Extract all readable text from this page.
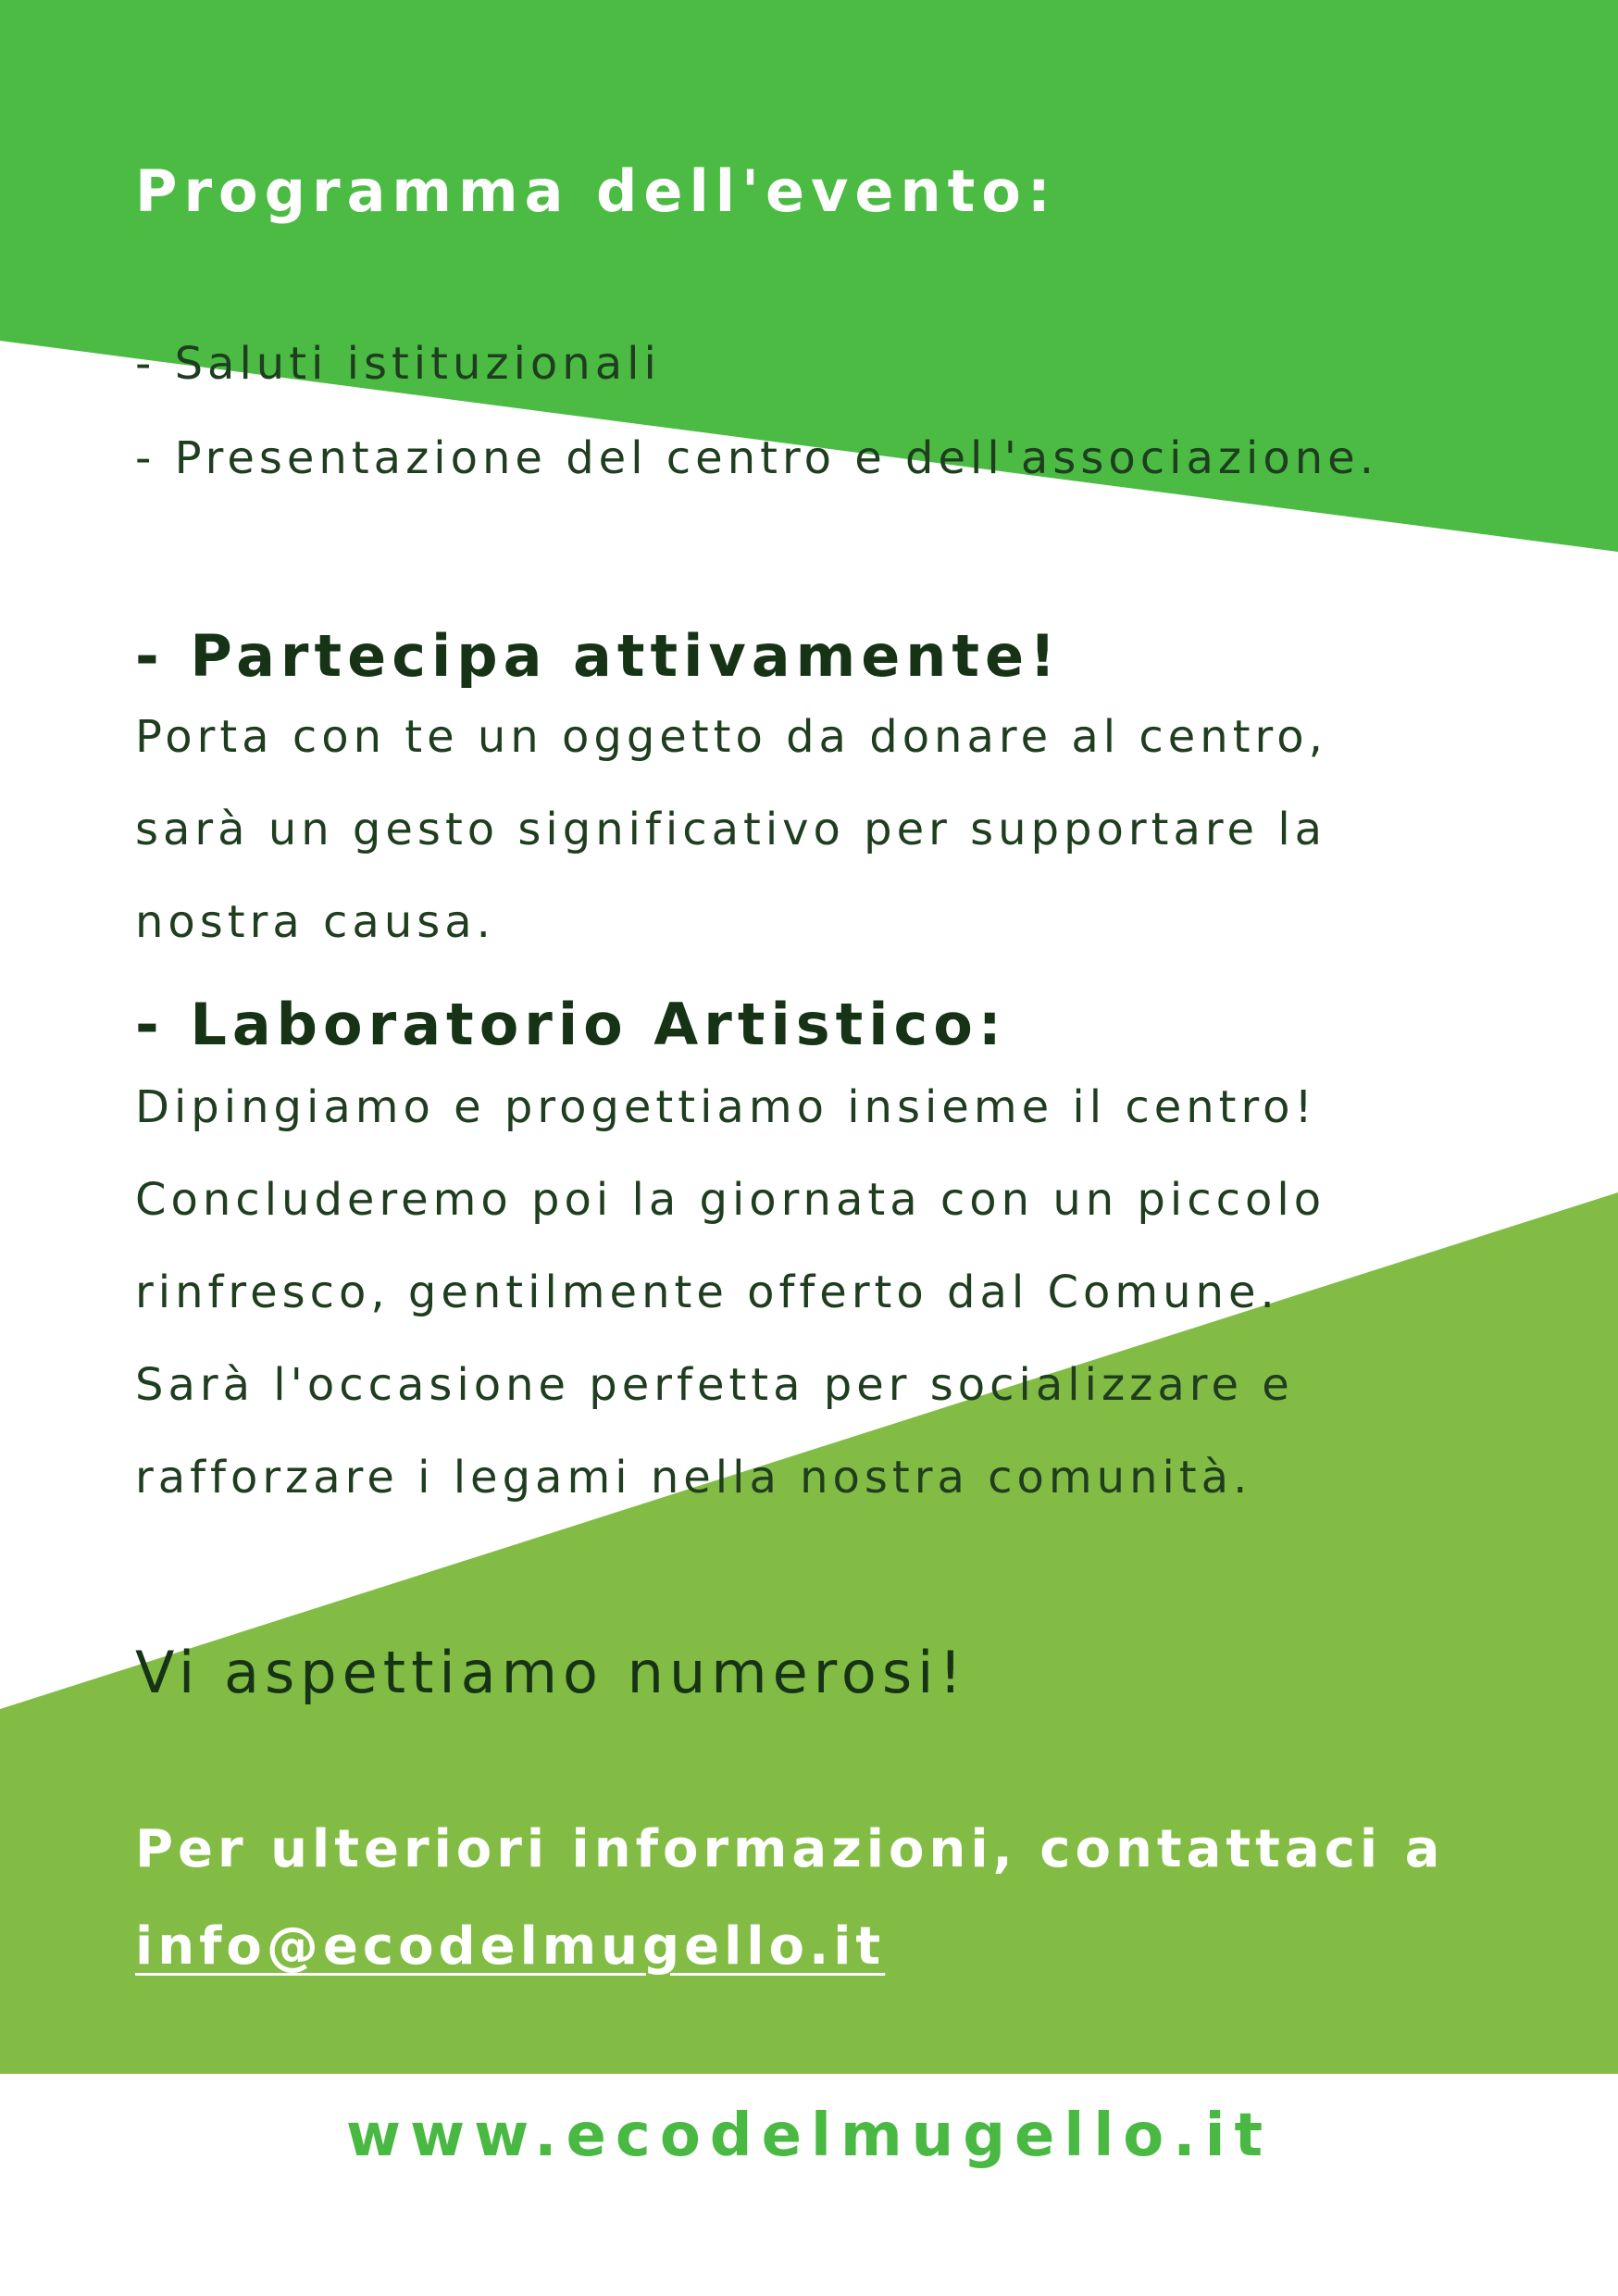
Programma dell'evento:

- Saluti istituzionali

- Presentazione del centro e dell'associazione.

- Partecipa attivamente!

Porta con te un oggetto da donare al centro,

sarà un gesto significativo per supportare la

nostra causa.

- Laboratorio Artistico:

Dipingiamo e progettiamo insieme il centro!

Concluderemo poi la giornata con un piccolo

rinfresco, gentilmente offerto dal Comune.

Sarà l'occasione perfetta per socializzare e

rafforzare i legami nella nostra comunità.

Vi aspettiamo numerosi!

Per ulteriori informazioni, contattaci a

info@ecodelmugello.it
www.ecodelmugello.it
